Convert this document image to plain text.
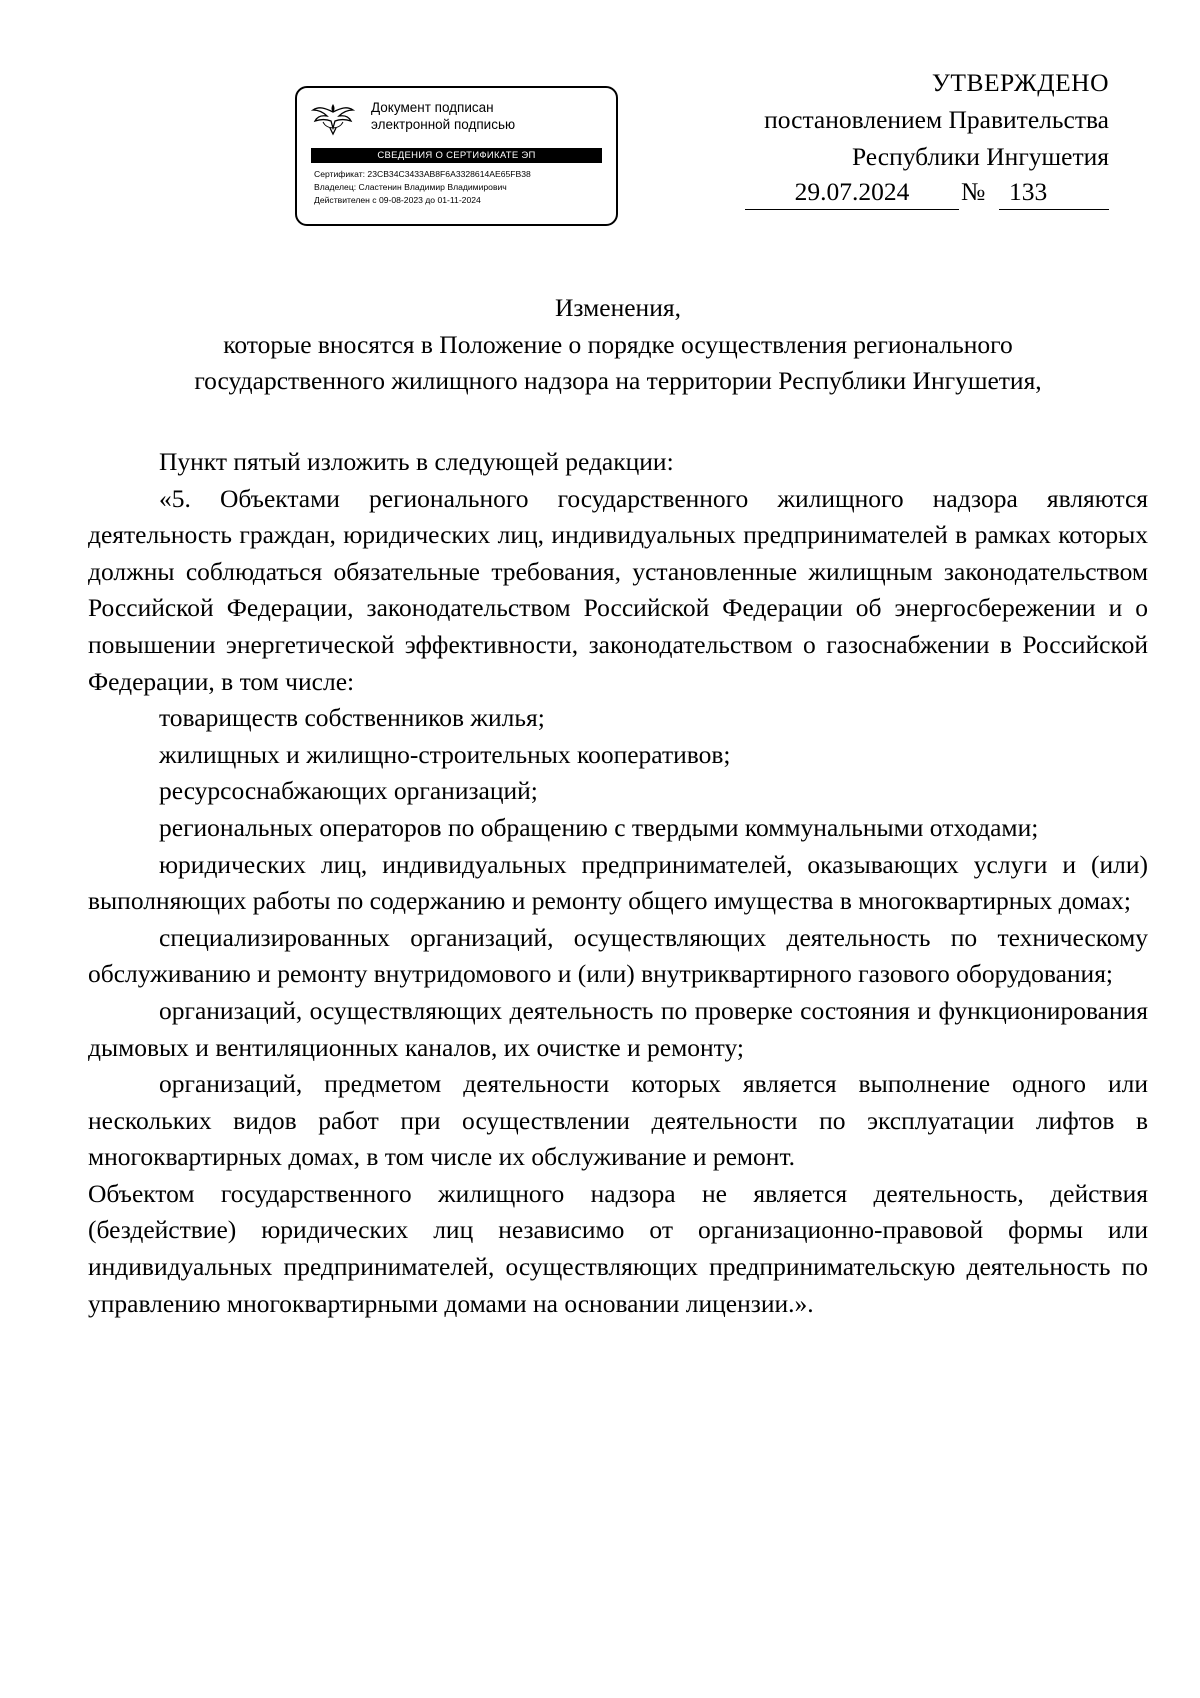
Документ подписан
электронной подписью
СВЕДЕНИЯ О СЕРТИФИКАТЕ ЭП
Сертификат: 23CB34C3433AB8F6A3328614AE65FB38
Владелец: Сластенин Владимир Владимирович
Действителен с 09-08-2023 до 01-11-2024
УТВЕРЖДЕНО
постановлением Правительства
Республики Ингушетия
29.07.2024	№ 133
Изменения,
которые вносятся в Положение о порядке осуществления регионального
государственного жилищного надзора на территории Республики Ингушетия,

Пункт пятый изложить в следующей редакции:

«5. Объектами регионального государственного жилищного надзора являются деятельность граждан, юридических лиц, индивидуальных предпринимателей в рамках которых должны соблюдаться обязательные требования, установленные жилищным законодательством Российской Федерации, законодательством Российской Федерации об энергосбережении и о повышении энергетической эффективности, законодательством о газоснабжении в Российской Федерации, в том числе:

товариществ собственников жилья;

жилищных и жилищно-строительных кооперативов;

ресурсоснабжающих организаций;

региональных операторов по обращению с твердыми коммунальными отходами;

юридических лиц, индивидуальных предпринимателей, оказывающих услуги и (или) выполняющих работы по содержанию и ремонту общего имущества в многоквартирных домах;

специализированных организаций, осуществляющих деятельность по техническому обслуживанию и ремонту внутридомового и (или) внутриквартирного газового оборудования;

организаций, осуществляющих деятельность по проверке состояния и функционирования дымовых и вентиляционных каналов, их очистке и ремонту;

организаций, предметом деятельности которых является выполнение одного или нескольких видов работ при осуществлении деятельности по эксплуатации лифтов в многоквартирных домах, в том числе их обслуживание и ремонт.

Объектом государственного жилищного надзора не является деятельность, действия (бездействие) юридических лиц независимо от организационно-правовой формы или индивидуальных предпринимателей, осуществляющих предпринимательскую деятельность по управлению многоквартирными домами на основании лицензии.».
